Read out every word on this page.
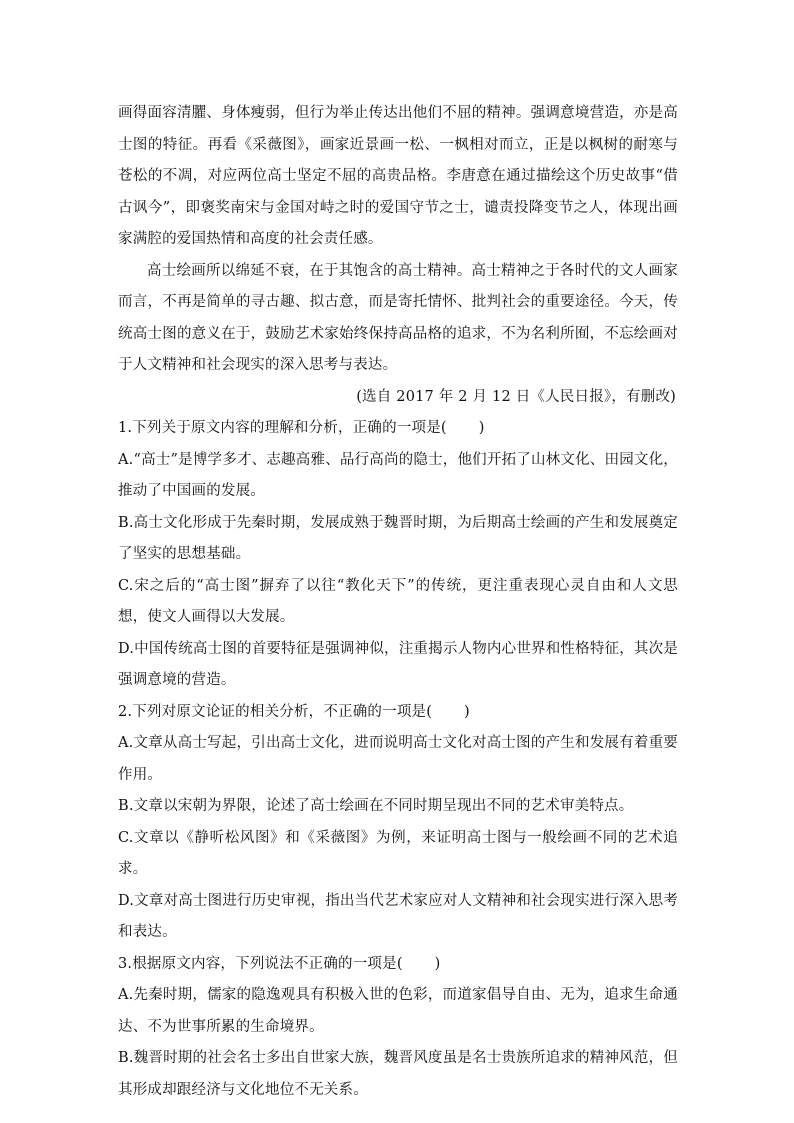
画得面容清臞、身体瘦弱，但行为举止传达出他们不屈的精神。强调意境营造，亦是高士图的特征。再看《采薇图》，画家近景画一松、一枫相对而立，正是以枫树的耐寒与苍松的不凋，对应两位高士坚定不屈的高贵品格。李唐意在通过描绘这个历史故事“借古讽今”，即褒奖南宋与金国对峙之时的爱国守节之士，谴责投降变节之人，体现出画家满腔的爱国热情和高度的社会责任感。

高士绘画所以绵延不衰，在于其饱含的高士精神。高士精神之于各时代的文人画家而言，不再是简单的寻古趣、拟古意，而是寄托情怀、批判社会的重要途径。今天，传统高士图的意义在于，鼓励艺术家始终保持高品格的追求，不为名利所囿，不忘绘画对于人文精神和社会现实的深入思考与表达。

(选自 2017 年 2 月 12 日《人民日报》，有删改)

1.下列关于原文内容的理解和分析，正确的一项是( )

A.“高士”是博学多才、志趣高雅、品行高尚的隐士，他们开拓了山林文化、田园文化，推动了中国画的发展。

B.高士文化形成于先秦时期，发展成熟于魏晋时期，为后期高士绘画的产生和发展奠定了坚实的思想基础。

C.宋之后的“高士图”摒弃了以往“教化天下”的传统，更注重表现心灵自由和人文思想，使文人画得以大发展。

D.中国传统高士图的首要特征是强调神似，注重揭示人物内心世界和性格特征，其次是强调意境的营造。

2.下列对原文论证的相关分析，不正确的一项是( )

A.文章从高士写起，引出高士文化，进而说明高士文化对高士图的产生和发展有着重要作用。

B.文章以宋朝为界限，论述了高士绘画在不同时期呈现出不同的艺术审美特点。

C.文章以《静听松风图》和《采薇图》为例，来证明高士图与一般绘画不同的艺术追求。

D.文章对高士图进行历史审视，指出当代艺术家应对人文精神和社会现实进行深入思考和表达。

3.根据原文内容，下列说法不正确的一项是( )

A.先秦时期，儒家的隐逸观具有积极入世的色彩，而道家倡导自由、无为，追求生命通达、不为世事所累的生命境界。

B.魏晋时期的社会名士多出自世家大族，魏晋风度虽是名士贵族所追求的精神风范，但其形成却跟经济与文化地位不无关系。
